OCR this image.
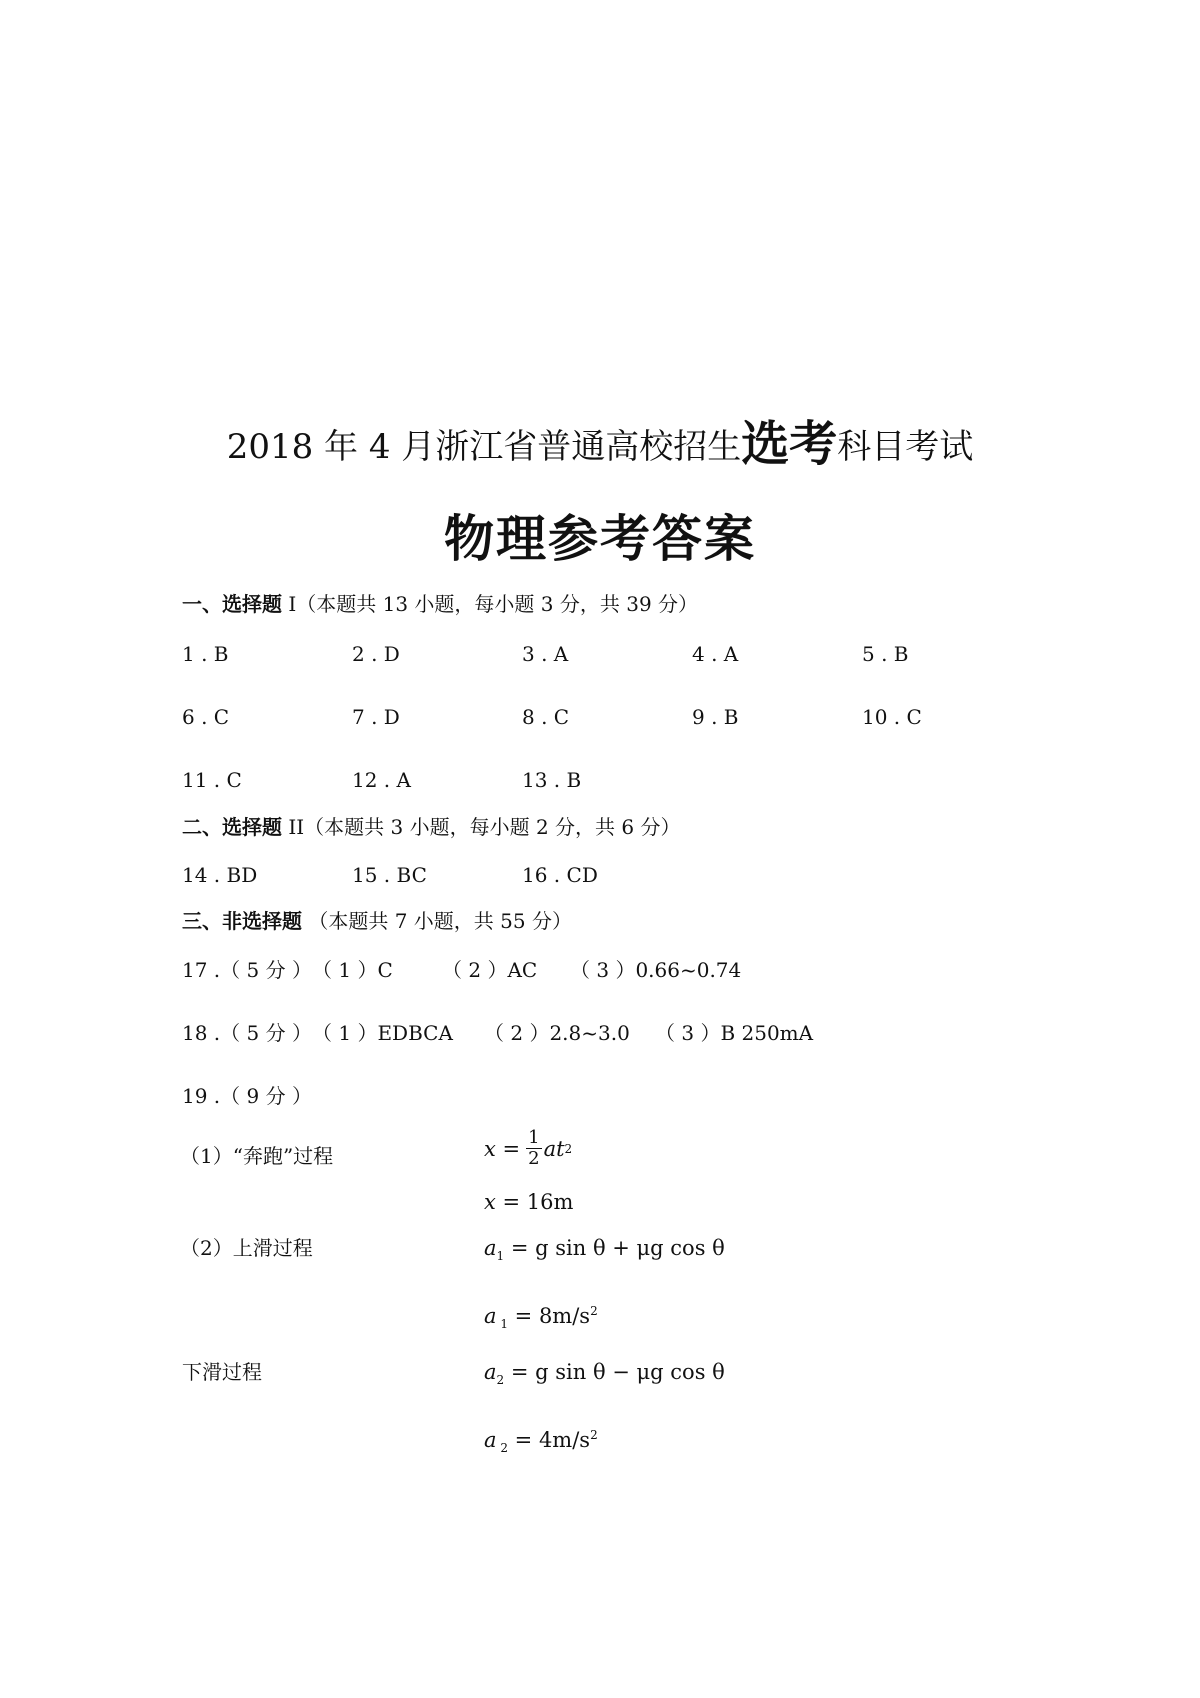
2018 年 4 月浙江省普通高校招生选考科目考试
物理参考答案
一、选择题 I（本题共 13 小题，每小题 3 分，共 39 分）
1 . B	2 . D	3 . A	4 . A	5 . B
6 . C	7 . D	8 . C	9 . B	10 . C
11 . C	12 . A	13 . B
二、选择题 II（本题共 3 小题，每小题 2 分，共 6 分）
14 . BD	15 . BC	16 . CD
三、非选择题 （本题共 7 小题，共 55 分）
17 .（ 5 分 ） （ 1 ）C （ 2 ）AC （ 3 ）0.66~0.74
18 .（ 5 分 ） （ 1 ）EDBCA （ 2 ）2.8~3.0 （ 3 ）B 250mA
19 .（ 9 分 ）
（1）“奔跑”过程	$x = \frac{1}{2}$ at 2
x = 16m
（2）上滑过程	$a_1 = g$ sin θ + μg cos θ
a $_1 = 8m/s^2$
下滑过程	$a_2 = g$ sin θ − μg cos θ
a $_2 = 4m/s^2$
